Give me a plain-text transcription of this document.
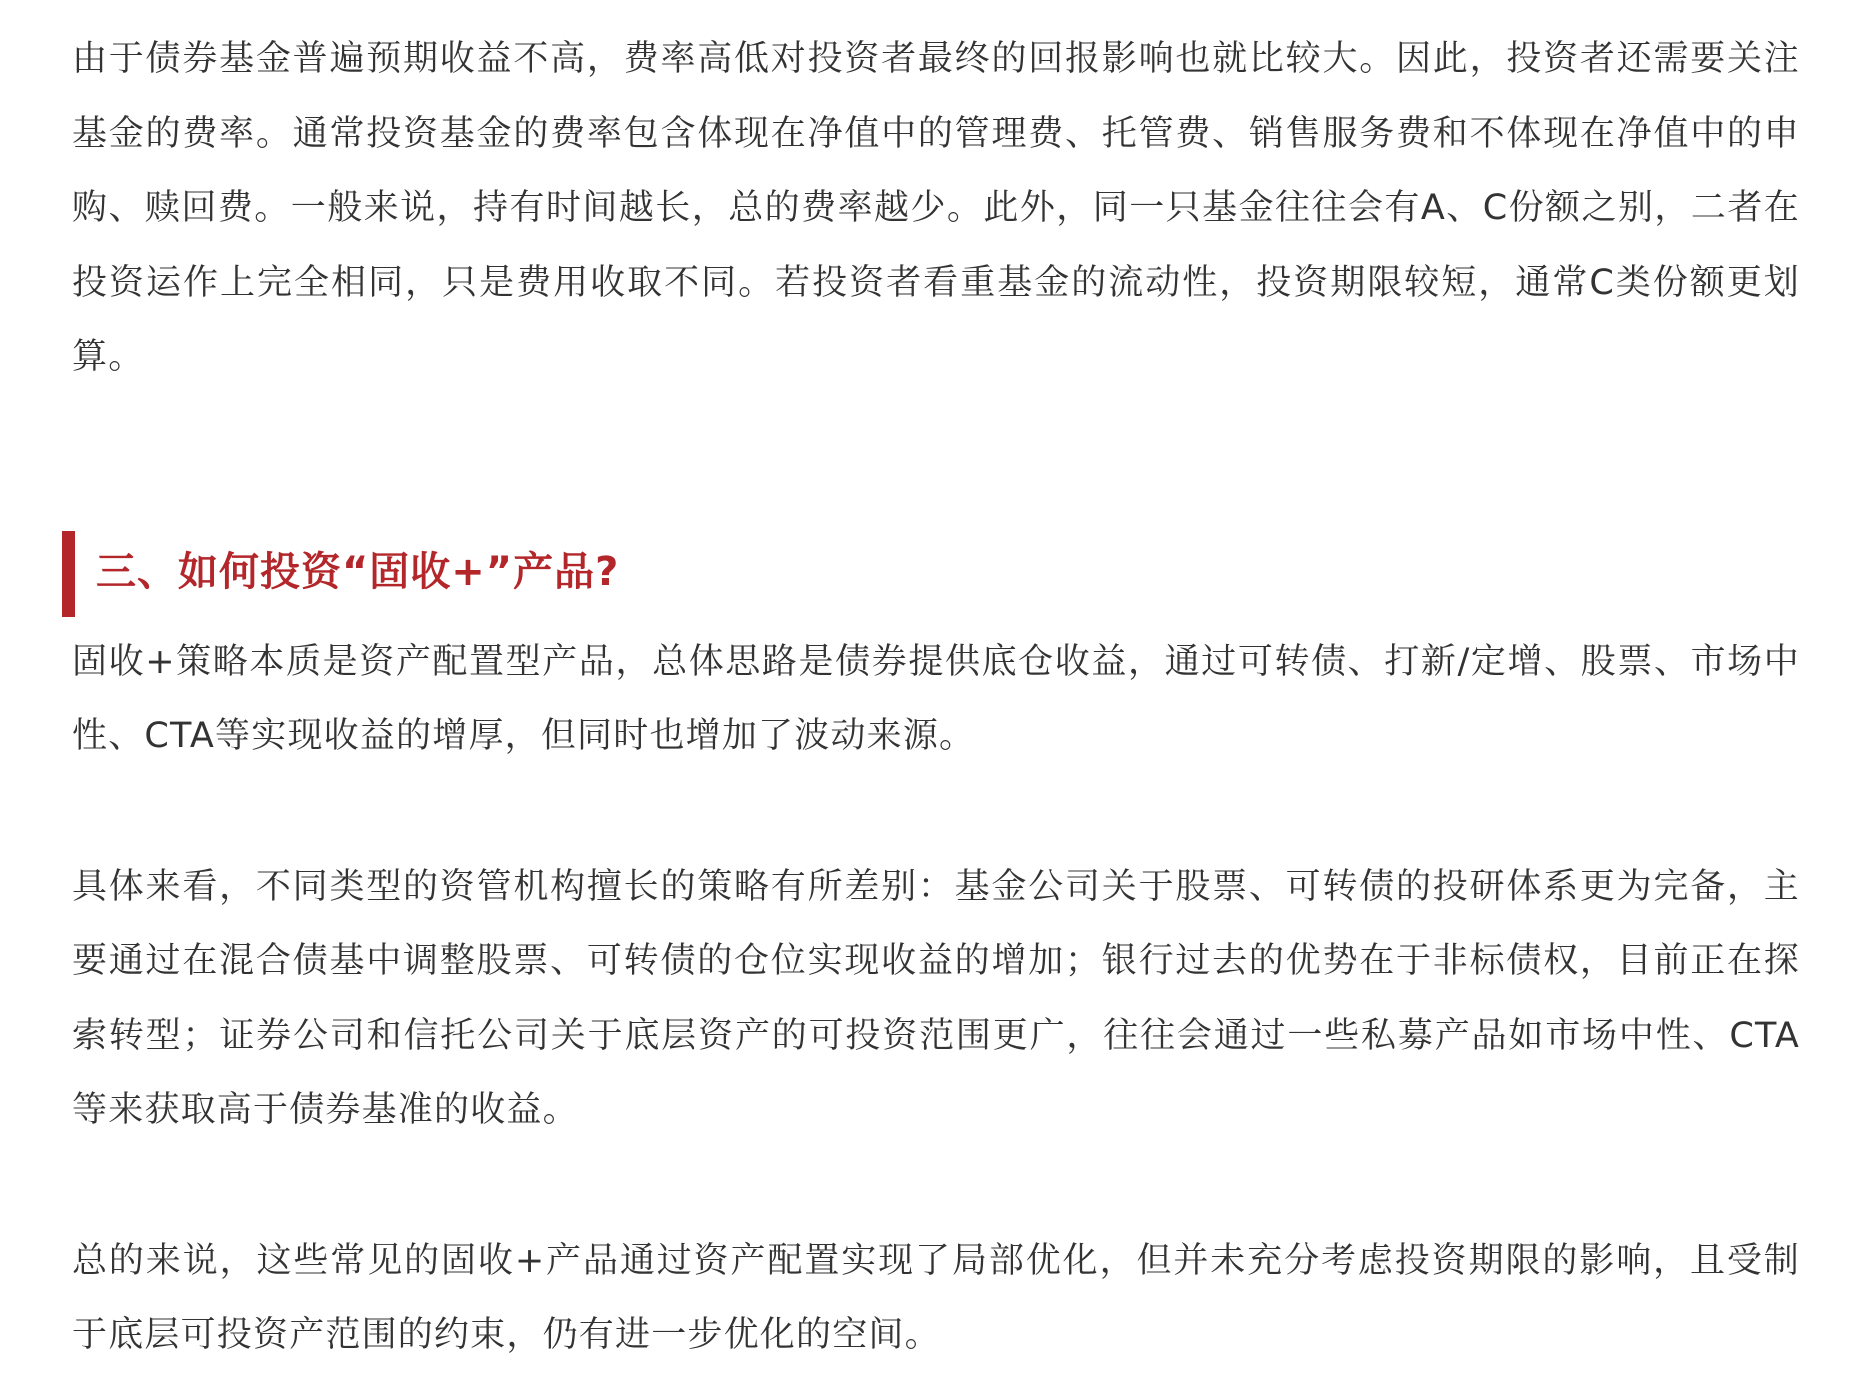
由于债券基金普遍预期收益不高，费率高低对投资者最终的回报影响也就比较大。因此，投资者还需要关注基金的费率。通常投资基金的费率包含体现在净值中的管理费、托管费、销售服务费和不体现在净值中的申购、赎回费。一般来说，持有时间越长，总的费率越少。此外，同一只基金往往会有A、C份额之别，二者在投资运作上完全相同，只是费用收取不同。若投资者看重基金的流动性，投资期限较短，通常C类份额更划算。

三、如何投资“固收+”产品?

固收+策略本质是资产配置型产品，总体思路是债券提供底仓收益，通过可转债、打新/定增、股票、市场中性、CTA等实现收益的增厚，但同时也增加了波动来源。

具体来看，不同类型的资管机构擅长的策略有所差别：基金公司关于股票、可转债的投研体系更为完备，主要通过在混合债基中调整股票、可转债的仓位实现收益的增加；银行过去的优势在于非标债权，目前正在探索转型；证券公司和信托公司关于底层资产的可投资范围更广，往往会通过一些私募产品如市场中性、CTA等来获取高于债券基准的收益。

总的来说，这些常见的固收+产品通过资产配置实现了局部优化，但并未充分考虑投资期限的影响，且受制于底层可投资产范围的约束，仍有进一步优化的空间。
